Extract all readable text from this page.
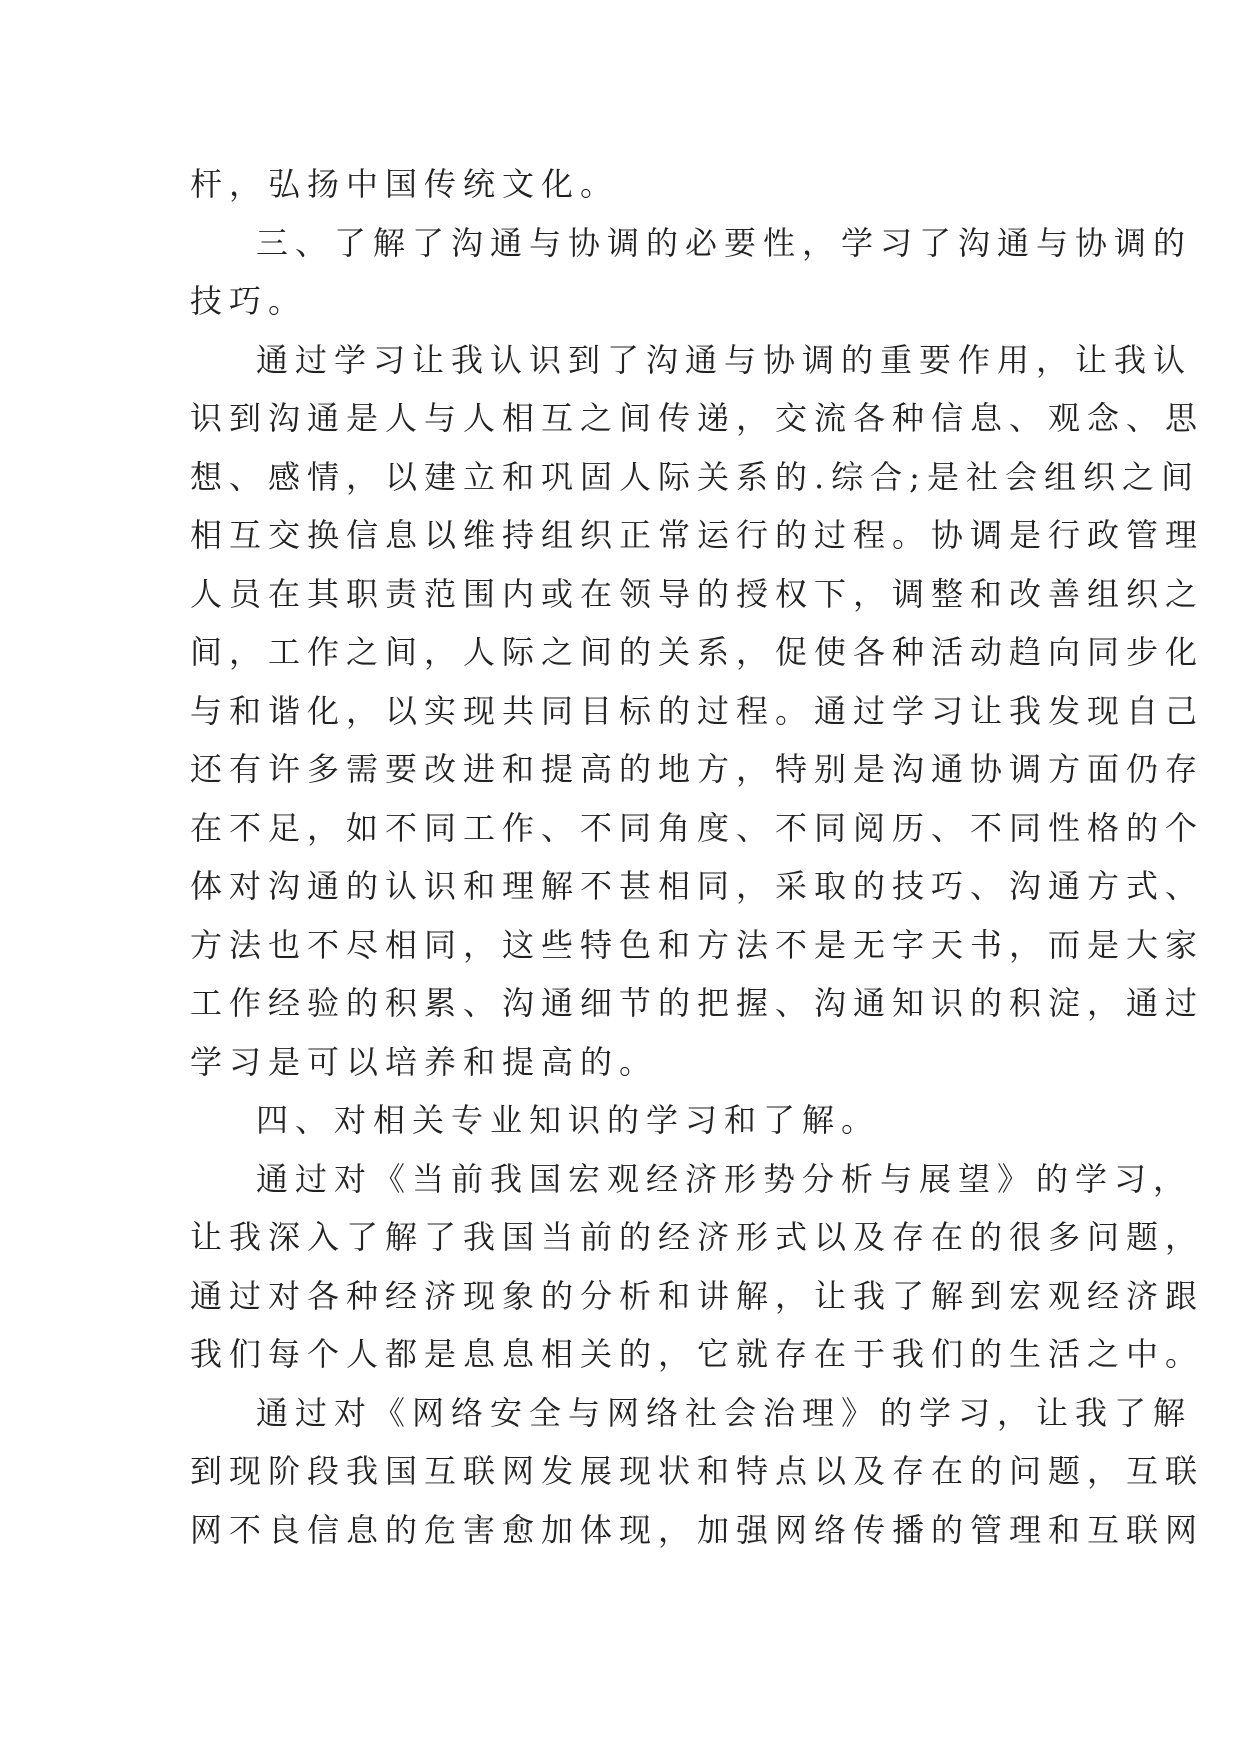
杆，弘扬中国传统文化。
三、了解了沟通与协调的必要性，学习了沟通与协调的
技巧。
通过学习让我认识到了沟通与协调的重要作用，让我认
识到沟通是人与人相互之间传递，交流各种信息、观念、思
想、感情，以建立和巩固人际关系的.综合;是社会组织之间
相互交换信息以维持组织正常运行的过程。协调是行政管理
人员在其职责范围内或在领导的授权下，调整和改善组织之
间，工作之间，人际之间的关系，促使各种活动趋向同步化
与和谐化，以实现共同目标的过程。通过学习让我发现自己
还有许多需要改进和提高的地方，特别是沟通协调方面仍存
在不足，如不同工作、不同角度、不同阅历、不同性格的个
体对沟通的认识和理解不甚相同，采取的技巧、沟通方式、
方法也不尽相同，这些特色和方法不是无字天书，而是大家
工作经验的积累、沟通细节的把握、沟通知识的积淀，通过
学习是可以培养和提高的。
四、对相关专业知识的学习和了解。
通过对《当前我国宏观经济形势分析与展望》的学习，
让我深入了解了我国当前的经济形式以及存在的很多问题，
通过对各种经济现象的分析和讲解，让我了解到宏观经济跟
我们每个人都是息息相关的，它就存在于我们的生活之中。
通过对《网络安全与网络社会治理》的学习，让我了解
到现阶段我国互联网发展现状和特点以及存在的问题，互联
网不良信息的危害愈加体现，加强网络传播的管理和互联网
